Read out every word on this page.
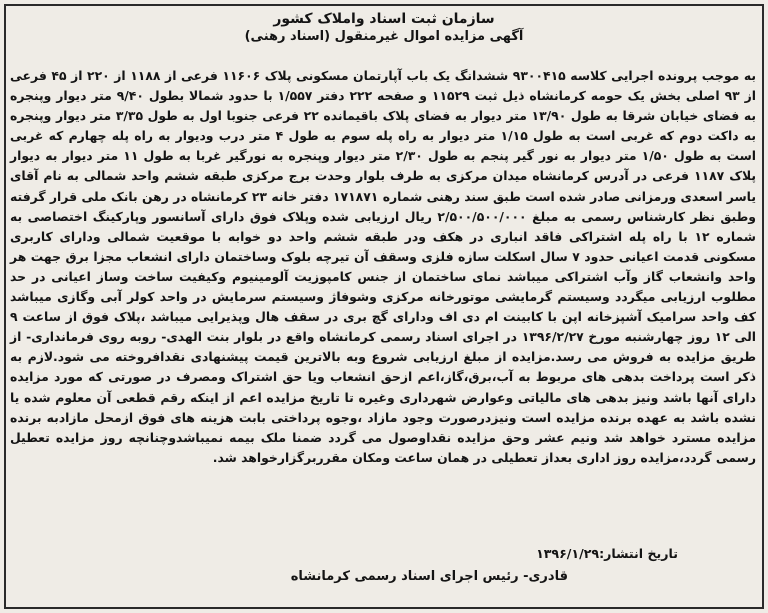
سازمان ثبت اسناد واملاک کشور
آگهی مزایده اموال غیرمنقول (اسناد رهنی)

به موجب پرونده اجرایی کلاسه ۹۳۰۰۴۱۵ ششدانگ یک باب آپارتمان مسکونی پلاک ۱۱۶۰۶ فرعی از ۱۱۸۸ از ۲۲۰ از ۴۵ فرعی از ۹۳ اصلی بخش یک حومه کرمانشاه ذیل ثبت ۱۱۵۲۹ و صفحه ۲۲۲ دفتر ۱/۵۵۷ با حدود شمالا بطول ۹/۴۰ متر دیوار وپنجره به فضای خیابان شرقا به طول ۱۳/۹۰ متر دیوار به فضای پلاک باقیمانده ۲۲ فرعی جنوبا اول به طول ۳/۳۵ متر دیوار وپنجره به داکت دوم که غربی است به طول ۱/۱۵ متر دیوار به راه پله سوم به طول ۴ متر درب ودیوار به راه پله چهارم که غربی است به طول ۱/۵۰ متر دیوار به نور گیر پنجم به طول ۲/۳۰ متر دیوار وپنجره به نورگیر غربا به طول ۱۱ متر دیوار به دیوار پلاک ۱۱۸۷ فرعی در آدرس کرمانشاه میدان مرکزی به طرف بلوار وحدت برج مرکزی طبقه ششم واحد شمالی به نام آقای یاسر اسعدی ورمزانی صادر شده است طبق سند رهنی شماره ۱۷۱۸۷۱ دفتر خانه ۲۳ کرمانشاه در رهن بانک ملی قرار گرفته وطبق نظر کارشناس رسمی به مبلغ ۲/۵۰۰/۵۰۰/۰۰۰ ریال ارزیابی شده وپلاک فوق دارای آسانسور وپارکینگ اختصاصی به شماره ۱۲ با راه پله اشتراکی فاقد انباری در هکف ودر طبقه ششم واحد دو خوابه با موقعیت شمالی ودارای کاربری مسکونی قدمت اعیانی حدود ۷ سال اسکلت سازه فلزی وسقف آن تیرچه بلوک وساختمان دارای انشعاب مجزا برق جهت هر واحد وانشعاب گاز وآب اشتراکی میباشد نمای ساختمان از جنس کامپوزیت آلومینیوم وکیفیت ساخت وساز اعیانی در حد مطلوب ارزیابی میگردد وسیستم گرمایشی موتورخانه مرکزی وشوفاژ وسیستم سرمایش در واحد کولر آبی وگازی میباشد کف واحد سرامیک آشپزخانه اپن با کابینت ام دی اف ودارای گچ بری در سقف هال وپذیرایی میباشد ،پلاک فوق از ساعت ۹ الی ۱۲ روز چهارشنبه مورخ ۱۳۹۶/۲/۲۷ در اجرای اسناد رسمی کرمانشاه واقع در بلوار بنت الهدی- روبه روی فرمانداری- از طریق مزایده به فروش می رسد.مزایده از مبلغ ارزیابی شروع وبه بالاترین قیمت پیشنهادی نقدافروخته می شود.لازم به ذکر است پرداخت بدهی های مربوط به آب،برق،گاز،اعم ازحق انشعاب ویا حق اشتراک ومصرف در صورتی که مورد مزایده دارای آنها باشد ونیز بدهی های مالیاتی وعوارض شهرداری وغیره تا تاریخ مزایده اعم از اینکه رقم قطعی آن معلوم شده یا نشده باشد به عهده برنده مزایده است ونیزدرصورت وجود مازاد ،وجوه پرداختی بابت هزینه های فوق ازمحل مازادبه برنده مزایده مسترد خواهد شد ونیم عشر وحق مزایده نقداوصول می گردد ضمنا ملک بیمه نمیباشدوچنانچه روز مزایده تعطیل رسمی گردد،مزایده روز اداری بعداز تعطیلی در همان ساعت ومکان مقرربرگزارخواهد شد.

تاریخ انتشار:۱۳۹۶/۱/۲۹
قادری- رئیس اجرای اسناد رسمی کرمانشاه
